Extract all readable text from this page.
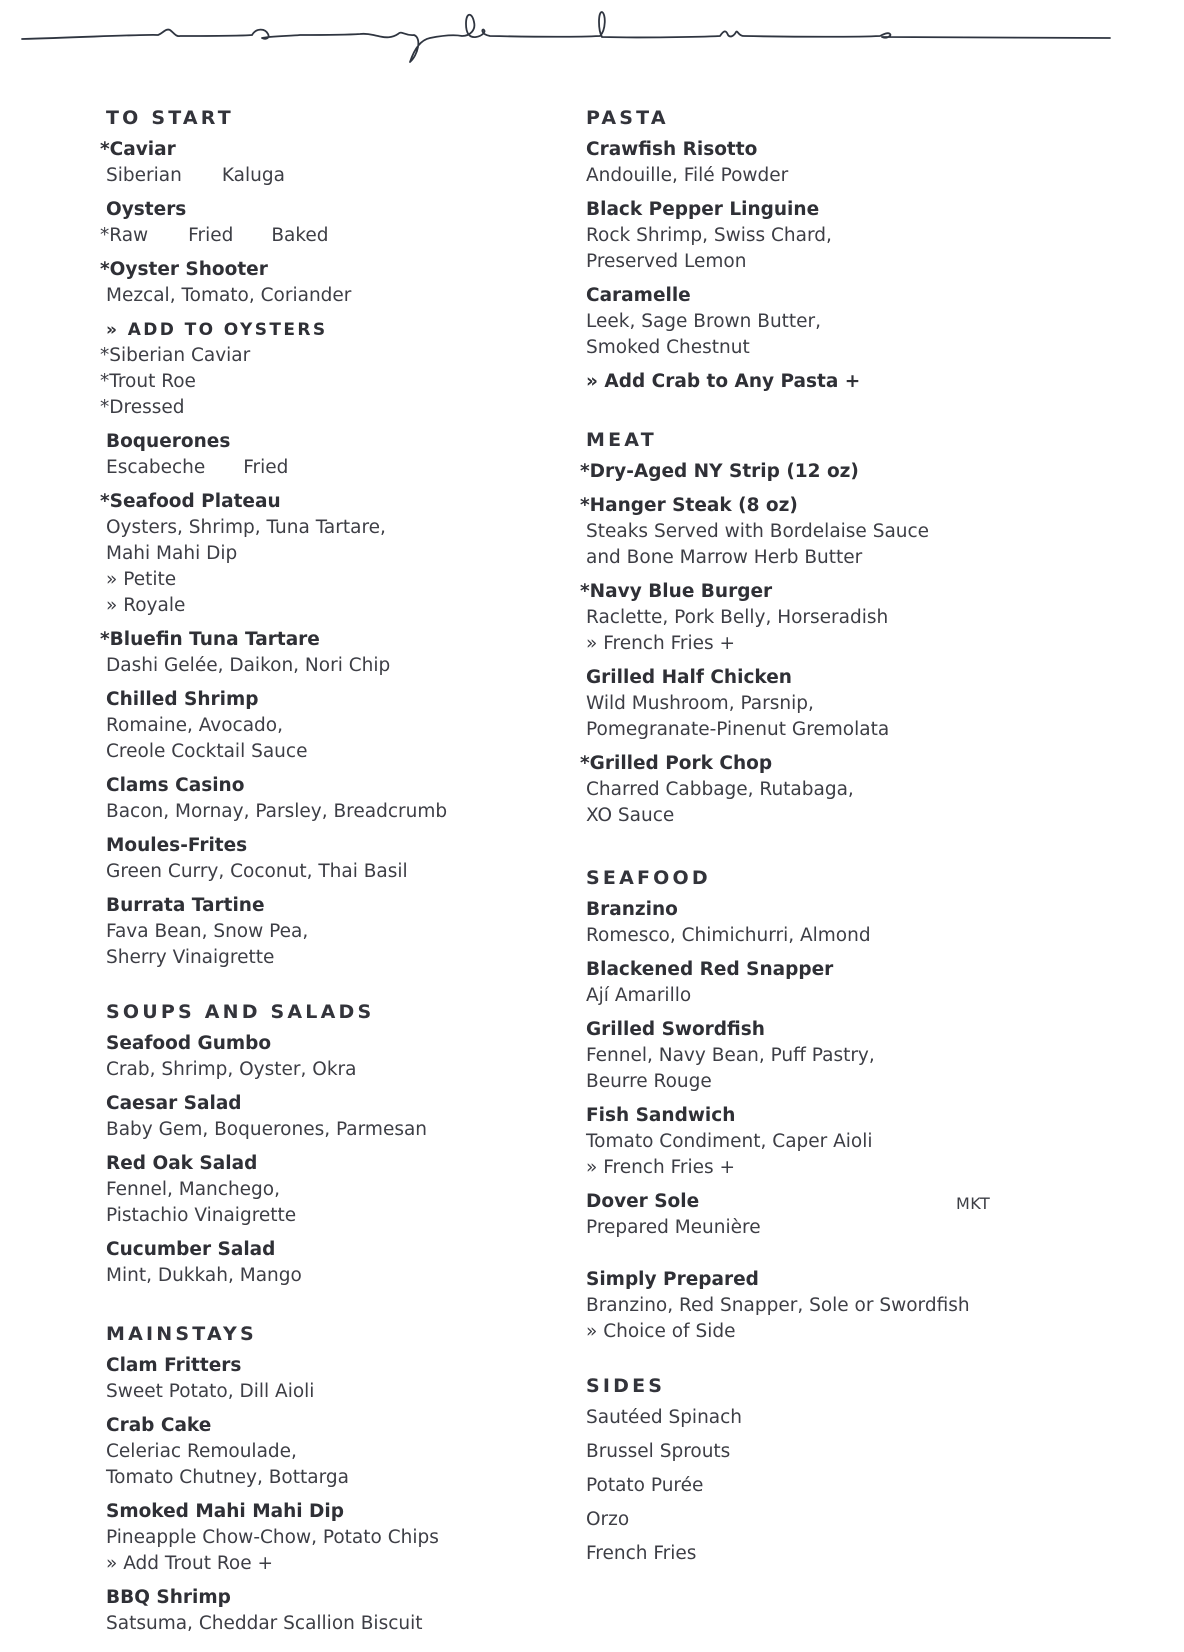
navy blue
TO START
*Caviar
Siberian Kaluga
Oysters
*Raw Fried Baked
*Oyster Shooter
Mezcal, Tomato, Coriander
» ADD TO OYSTERS
*Siberian Caviar
*Trout Roe
*Dressed
Boquerones
Escabeche Fried
*Seafood Plateau
Oysters, Shrimp, Tuna Tartare,
Mahi Mahi Dip
» Petite
» Royale
*Bluefin Tuna Tartare
Dashi Gelée, Daikon, Nori Chip
Chilled Shrimp
Romaine, Avocado,
Creole Cocktail Sauce
Clams Casino
Bacon, Mornay, Parsley, Breadcrumb
Moules-Frites
Green Curry, Coconut, Thai Basil
Burrata Tartine
Fava Bean, Snow Pea,
Sherry Vinaigrette
SOUPS AND SALADS
Seafood Gumbo
Crab, Shrimp, Oyster, Okra
Caesar Salad
Baby Gem, Boquerones, Parmesan
Red Oak Salad
Fennel, Manchego,
Pistachio Vinaigrette
Cucumber Salad
Mint, Dukkah, Mango
MAINSTAYS
Clam Fritters
Sweet Potato, Dill Aioli
Crab Cake
Celeriac Remoulade,
Tomato Chutney, Bottarga
Smoked Mahi Mahi Dip
Pineapple Chow-Chow, Potato Chips
» Add Trout Roe +
BBQ Shrimp
Satsuma, Cheddar Scallion Biscuit
PASTA
Crawfish Risotto
Andouille, Filé Powder
Black Pepper Linguine
Rock Shrimp, Swiss Chard,
Preserved Lemon
Caramelle
Leek, Sage Brown Butter,
Smoked Chestnut
» Add Crab to Any Pasta +
MEAT
*Dry-Aged NY Strip (12 oz)
*Hanger Steak (8 oz)
Steaks Served with Bordelaise Sauce
and Bone Marrow Herb Butter
*Navy Blue Burger
Raclette, Pork Belly, Horseradish
» French Fries +
Grilled Half Chicken
Wild Mushroom, Parsnip,
Pomegranate-Pinenut Gremolata
*Grilled Pork Chop
Charred Cabbage, Rutabaga,
XO Sauce
SEAFOOD
Branzino
Romesco, Chimichurri, Almond
Blackened Red Snapper
Ají Amarillo
Grilled Swordfish
Fennel, Navy Bean, Puff Pastry,
Beurre Rouge
Fish Sandwich
Tomato Condiment, Caper Aioli
» French Fries +
Dover Sole	MKT
Prepared Meunière
Simply Prepared
Branzino, Red Snapper, Sole or Swordfish
» Choice of Side
SIDES
Sautéed Spinach
Brussel Sprouts
Potato Purée
Orzo
French Fries
